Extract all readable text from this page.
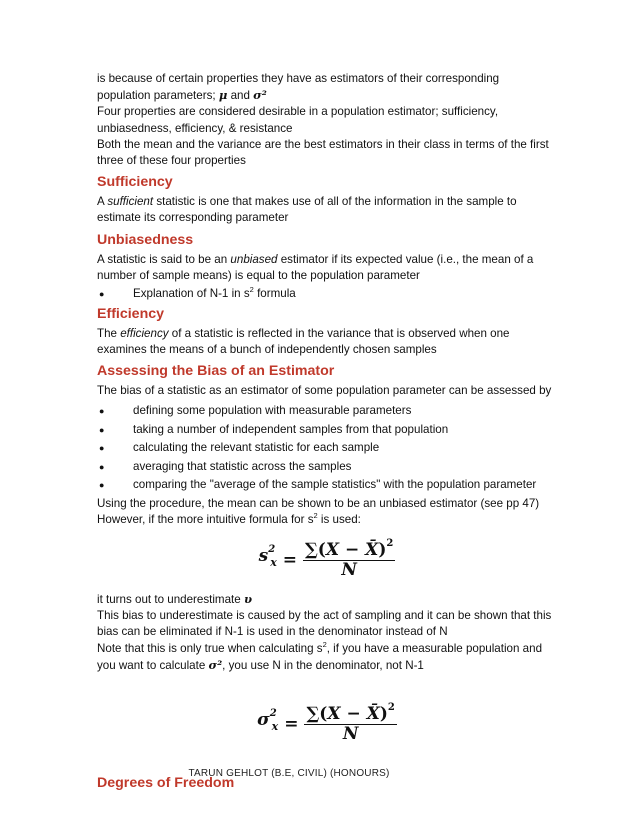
is because of certain properties they have as estimators of their corresponding

population parameters; μ and σ²

Four properties are considered desirable in a population estimator; sufficiency, unbiasedness, efficiency, & resistance

Both the mean and the variance are the best estimators in their class in terms of the first three of these four properties

Sufficiency

A sufficient statistic is one that makes use of all of the information in the sample to estimate its corresponding parameter

Unbiasedness

A statistic is said to be an unbiased estimator if its expected value (i.e., the mean of a number of sample means) is equal to the population parameter

● Explanation of N-1 in $s^2$ formula
Efficiency

The efficiency of a statistic is reflected in the variance that is observed when one examines the means of a bunch of independently chosen samples

Assessing the Bias of an Estimator

The bias of a statistic as an estimator of some population parameter can be assessed by

● defining some population with measurable parameters
● taking a number of independent samples from that population
● calculating the relevant statistic for each sample
● averaging that statistic across the samples
● comparing the "average of the sample statistics" with the population parameter

Using the procedure, the mean can be shown to be an unbiased estimator (see pp 47)

However, if the more intuitive formula for $s^2$ is used:

$s^2_x = \frac{\sum(X - X̄)^2}{N}$

it turns out to underestimate υ

This bias to underestimate is caused by the act of sampling and it can be shown that this bias can be eliminated if N-1 is used in the denominator instead of N

Note that this is only true when calculating $s^2$, if you have a measurable population and you want to calculate σ², you use N in the denominator, not N-1

$\sigma^2_x = \frac{\sum(X - X̄)^2}{N}$
Degrees of Freedom
TARUN GEHLOT (B.E, CIVIL) (HONOURS)
